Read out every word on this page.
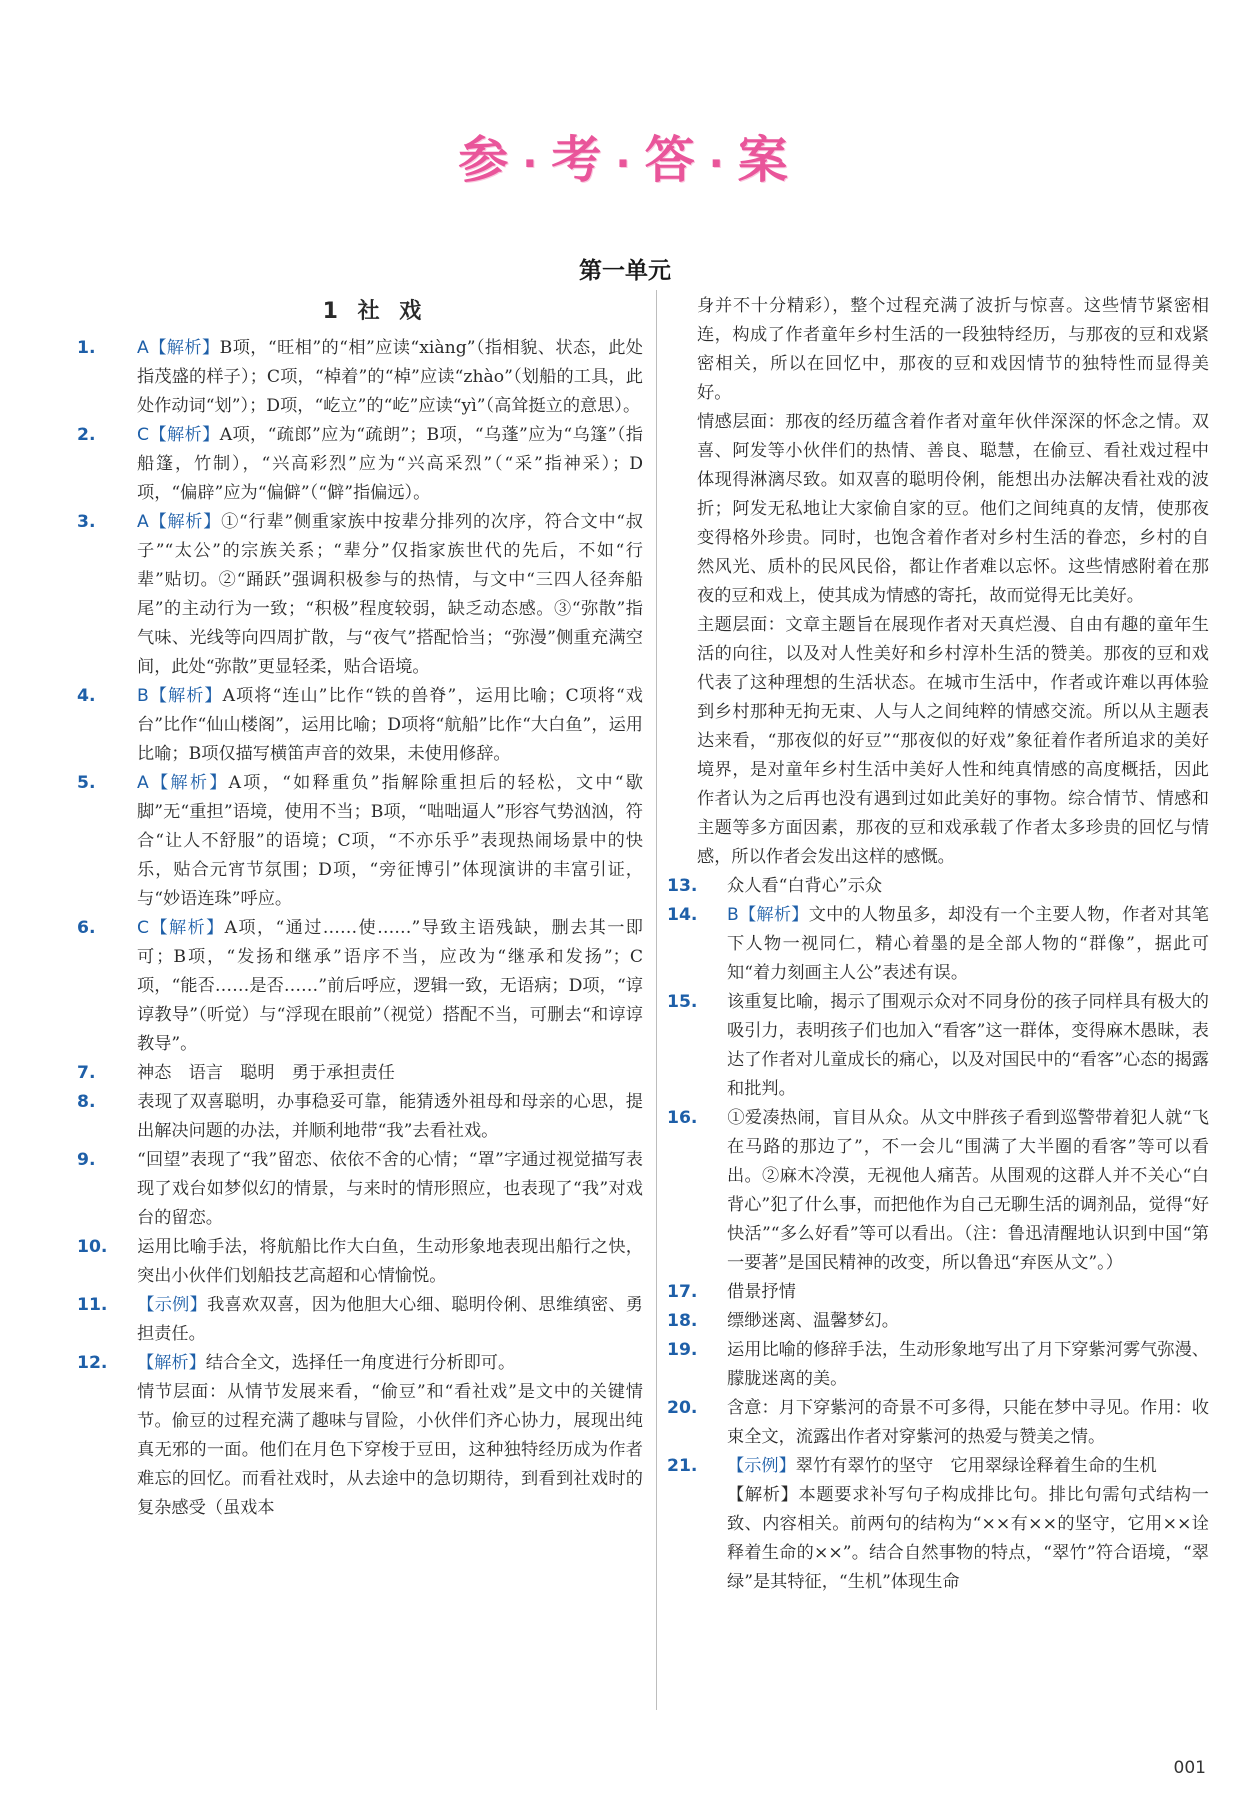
参 · 考 · 答 · 案
第一单元
1 社 戏
1. A【解析】B项，“旺相”的“相”应读“xiàng”（指相貌、状态，此处指茂盛的样子）；C项，“棹着”的“棹”应读“zhào”（划船的工具，此处作动词“划”）；D项，“屹立”的“屹”应读“yì”（高耸挺立的意思）。
2. C【解析】A项，“疏郎”应为“疏朗”；B项，“乌蓬”应为“乌篷”（指船篷，竹制），“兴高彩烈”应为“兴高采烈”（“采”指神采）；D项，“偏辟”应为“偏僻”（“僻”指偏远）。
3. A【解析】①“行辈”侧重家族中按辈分排列的次序，符合文中“叔子”“太公”的宗族关系；“辈分”仅指家族世代的先后，不如“行辈”贴切。②“踊跃”强调积极参与的热情，与文中“三四人径奔船尾”的主动行为一致；“积极”程度较弱，缺乏动态感。③“弥散”指气味、光线等向四周扩散，与“夜气”搭配恰当；“弥漫”侧重充满空间，此处“弥散”更显轻柔，贴合语境。
4. B【解析】A项将“连山”比作“铁的兽脊”，运用比喻；C项将“戏台”比作“仙山楼阁”，运用比喻；D项将“航船”比作“大白鱼”，运用比喻；B项仅描写横笛声音的效果，未使用修辞。
5. A【解析】A项，“如释重负”指解除重担后的轻松，文中“歇脚”无“重担”语境，使用不当；B项，“咄咄逼人”形容气势汹汹，符合“让人不舒服”的语境；C项，“不亦乐乎”表现热闹场景中的快乐，贴合元宵节氛围；D项，“旁征博引”体现演讲的丰富引证，与“妙语连珠”呼应。
6. C【解析】A项，“通过……使……”导致主语残缺，删去其一即可；B项，“发扬和继承”语序不当，应改为“继承和发扬”；C项，“能否……是否……”前后呼应，逻辑一致，无语病；D项，“谆谆教导”（听觉）与“浮现在眼前”（视觉）搭配不当，可删去“和谆谆教导”。
7. 神态　语言　聪明　勇于承担责任
8. 表现了双喜聪明，办事稳妥可靠，能猜透外祖母和母亲的心思，提出解决问题的办法，并顺利地带“我”去看社戏。
9. “回望”表现了“我”留恋、依依不舍的心情；“罩”字通过视觉描写表现了戏台如梦似幻的情景，与来时的情形照应，也表现了“我”对戏台的留恋。
10. 运用比喻手法，将航船比作大白鱼，生动形象地表现出船行之快，突出小伙伴们划船技艺高超和心情愉悦。
11. 【示例】我喜欢双喜，因为他胆大心细、聪明伶俐、思维缜密、勇担责任。
12. 【解析】结合全文，选择任一角度进行分析即可。
情节层面：从情节发展来看，“偷豆”和“看社戏”是文中的关键情节。偷豆的过程充满了趣味与冒险，小伙伴们齐心协力，展现出纯真无邪的一面。他们在月色下穿梭于豆田，这种独特经历成为作者难忘的回忆。而看社戏时，从去途中的急切期待，到看到社戏时的复杂感受（虽戏本
身并不十分精彩），整个过程充满了波折与惊喜。这些情节紧密相连，构成了作者童年乡村生活的一段独特经历，与那夜的豆和戏紧密相关，所以在回忆中，那夜的豆和戏因情节的独特性而显得美好。
情感层面：那夜的经历蕴含着作者对童年伙伴深深的怀念之情。双喜、阿发等小伙伴们的热情、善良、聪慧，在偷豆、看社戏过程中体现得淋漓尽致。如双喜的聪明伶俐，能想出办法解决看社戏的波折；阿发无私地让大家偷自家的豆。他们之间纯真的友情，使那夜变得格外珍贵。同时，也饱含着作者对乡村生活的眷恋，乡村的自然风光、质朴的民风民俗，都让作者难以忘怀。这些情感附着在那夜的豆和戏上，使其成为情感的寄托，故而觉得无比美好。
主题层面：文章主题旨在展现作者对天真烂漫、自由有趣的童年生活的向往，以及对人性美好和乡村淳朴生活的赞美。那夜的豆和戏代表了这种理想的生活状态。在城市生活中，作者或许难以再体验到乡村那种无拘无束、人与人之间纯粹的情感交流。所以从主题表达来看，“那夜似的好豆”“那夜似的好戏”象征着作者所追求的美好境界，是对童年乡村生活中美好人性和纯真情感的高度概括，因此作者认为之后再也没有遇到过如此美好的事物。综合情节、情感和主题等多方面因素，那夜的豆和戏承载了作者太多珍贵的回忆与情感，所以作者会发出这样的感慨。
13. 众人看“白背心”示众
14. B【解析】文中的人物虽多，却没有一个主要人物，作者对其笔下人物一视同仁，精心着墨的是全部人物的“群像”，据此可知“着力刻画主人公”表述有误。
15. 该重复比喻，揭示了围观示众对不同身份的孩子同样具有极大的吸引力，表明孩子们也加入“看客”这一群体，变得麻木愚昧，表达了作者对儿童成长的痛心，以及对国民中的“看客”心态的揭露和批判。
16. ①爱凑热闹，盲目从众。从文中胖孩子看到巡警带着犯人就“飞在马路的那边了”，不一会儿“围满了大半圈的看客”等可以看出。②麻木冷漠，无视他人痛苦。从围观的这群人并不关心“白背心”犯了什么事，而把他作为自己无聊生活的调剂品，觉得“好快活”“多么好看”等可以看出。（注：鲁迅清醒地认识到中国“第一要著”是国民精神的改变，所以鲁迅“弃医从文”。）
17. 借景抒情
18. 缥缈迷离、温馨梦幻。
19. 运用比喻的修辞手法，生动形象地写出了月下穿紫河雾气弥漫、朦胧迷离的美。
20. 含意：月下穿紫河的奇景不可多得，只能在梦中寻见。作用：收束全文，流露出作者对穿紫河的热爱与赞美之情。
21. 【示例】翠竹有翠竹的坚守　它用翠绿诠释着生命的生机
【解析】本题要求补写句子构成排比句。排比句需句式结构一致、内容相关。前两句的结构为“××有××的坚守，它用××诠释着生命的××”。结合自然事物的特点，“翠竹”符合语境，“翠绿”是其特征，“生机”体现生命
001
